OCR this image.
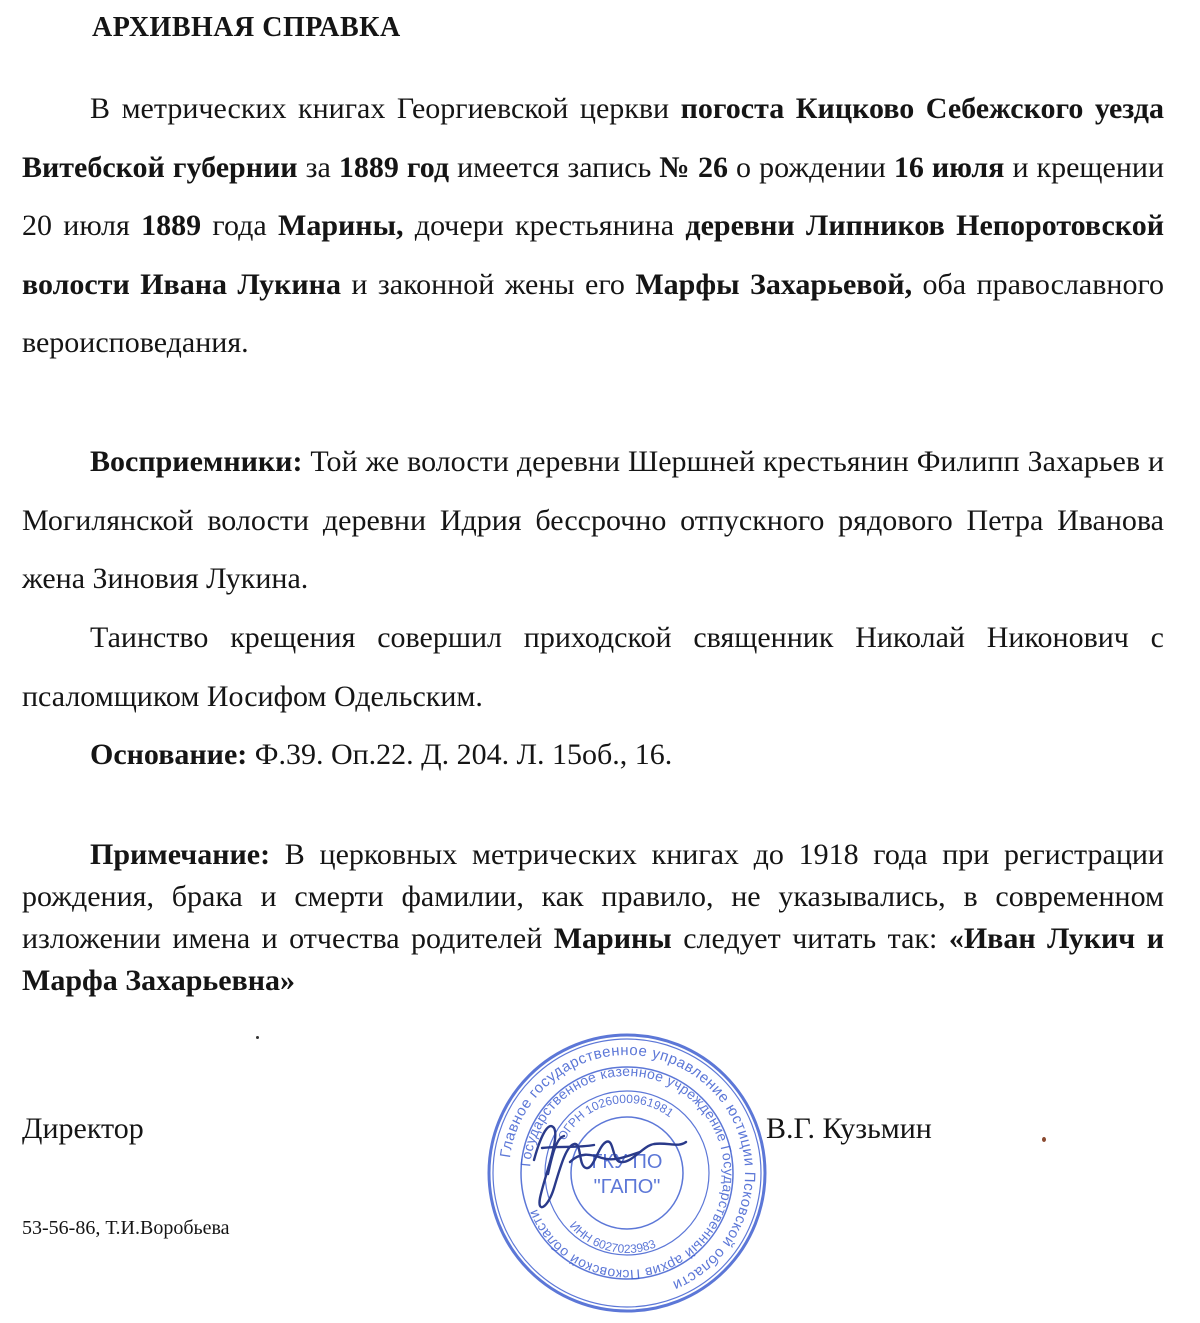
АРХИВНАЯ СПРАВКА

В метрических книгах Георгиевской церкви погоста Кицково Себежского уезда Витебской губернии за 1889 год имеется запись № 26 о рождении 16 июля и крещении 20 июля 1889 года Марины, дочери крестьянина деревни Липников Непоротовской волости Ивана Лукина и законной жены его Марфы Захарьевой, оба православного вероисповедания.

Восприемники: Той же волости деревни Шершней крестьянин Филипп Захарьев и Могилянской волости деревни Идрия бессрочно отпускного рядового Петра Иванова жена Зиновия Лукина.

Таинство крещения совершил приходской священник Николай Никонович с псаломщиком Иосифом Одельским.

Основание: Ф.39. Оп.22. Д. 204. Л. 15об., 16.

Примечание: В церковных метрических книгах до 1918 года при регистрации рождения, брака и смерти фамилии, как правило, не указывались, в современном изложении имена и отчества родителей Марины следует читать так: «Иван Лукич и Марфа Захарьевна»

Директор	В.Г. Кузьмин
53-56-86, Т.И.Воробьева
Главное государственное управление юстиции Псковской области
Государственное казенное учреждение Государственный архив Псковской области
ОГРН 1026000961981
ИНН 6027023983
ГКУ ПО
"ГАПО"
